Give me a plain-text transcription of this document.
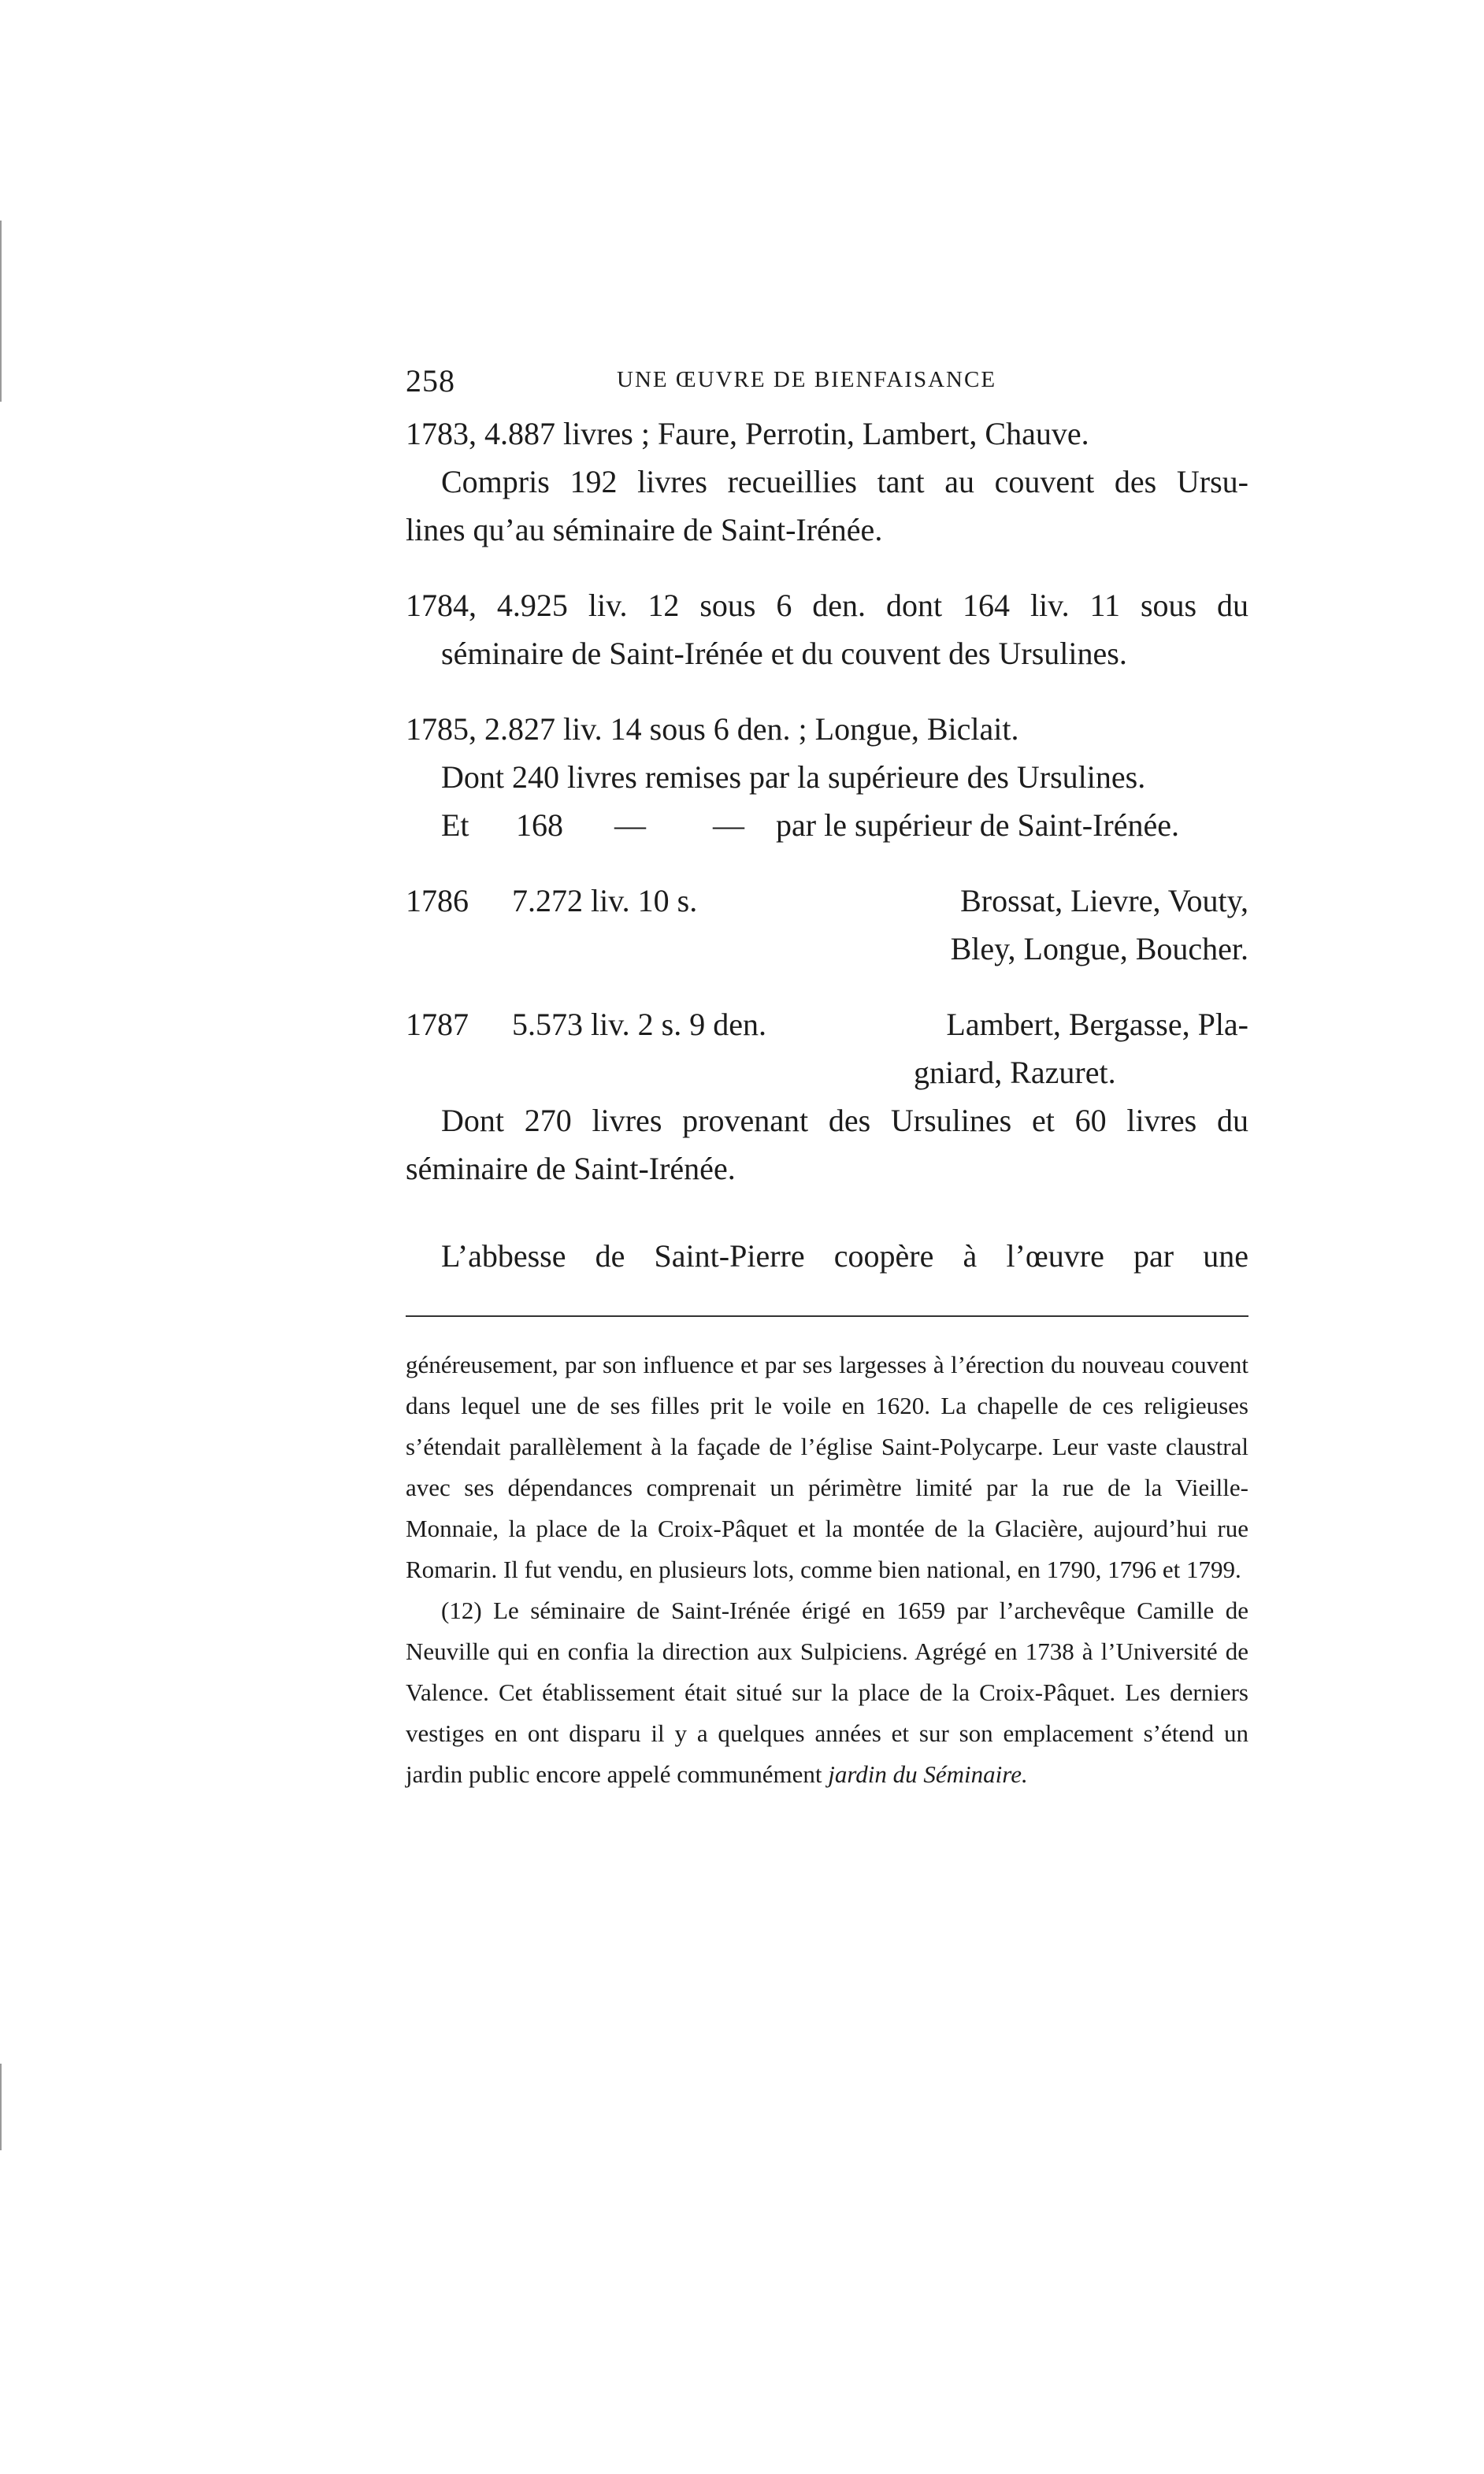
258	UNE ŒUVRE DE BIENFAISANCE
1783, 4.887 livres ; Faure, Perrotin, Lambert, Chauve.
Compris 192 livres recueillies tant au couvent des Ursu-
lines qu’au séminaire de Saint-Irénée.
1784, 4.925 liv. 12 sous 6 den. dont 164 liv. 11 sous du
séminaire de Saint-Irénée et du couvent des Ursulines.
1785, 2.827 liv. 14 sous 6 den. ; Longue, Biclait.
Dont 240 livres remises par la supérieure des Ursulines.
Et	168	—	—	par le supérieur de Saint-Irénée.
1786	7.272 liv. 10 s.	Brossat, Lievre, Vouty,
Bley, Longue, Boucher.
1787	5.573 liv. 2 s. 9 den.	Lambert, Bergasse, Pla-
gniard, Razuret.
Dont 270 livres provenant des Ursulines et 60 livres du
séminaire de Saint-Irénée.
L’abbesse de Saint-Pierre coopère à l’œuvre par une

généreusement, par son influence et par ses largesses à l’érection du nouveau couvent dans lequel une de ses filles prit le voile en 1620. La chapelle de ces religieuses s’étendait parallèlement à la façade de l’église Saint-Polycarpe. Leur vaste claustral avec ses dépendances comprenait un périmètre limité par la rue de la Vieille-Monnaie, la place de la Croix-Pâquet et la montée de la Glacière, aujourd’hui rue Romarin. Il fut vendu, en plusieurs lots, comme bien national, en 1790, 1796 et 1799.

(12) Le séminaire de Saint-Irénée érigé en 1659 par l’archevêque Camille de Neuville qui en confia la direction aux Sulpiciens. Agrégé en 1738 à l’Université de Valence. Cet établissement était situé sur la place de la Croix-Pâquet. Les derniers vestiges en ont disparu il y a quelques années et sur son emplacement s’étend un jardin public encore appelé communément jardin du Séminaire.
